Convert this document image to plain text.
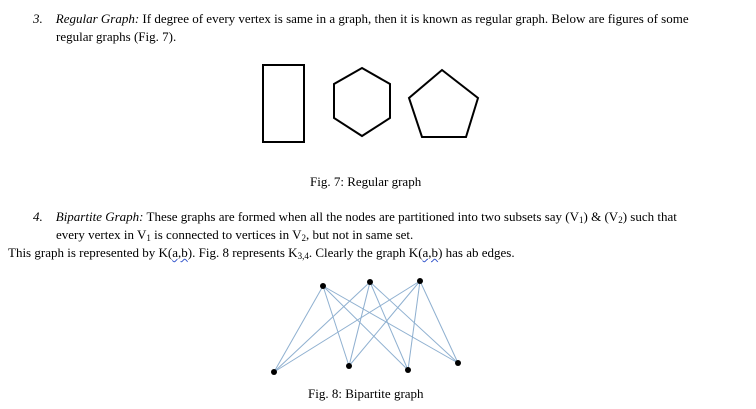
3. Regular Graph: If degree of every vertex is same in a graph, then it is known as regular graph. Below are figures of some
regular graphs (Fig. 7).
Fig. 7: Regular graph
4. Bipartite Graph: These graphs are formed when all the nodes are partitioned into two subsets say $(V_1)$ & $(V_2)$ such that
every vertex in $V_1$ is connected to vertices in $V_2$, but not in same set.
This graph is represented by K(a,b). Fig. 8 represents $K_{3,4}$. Clearly the graph K(a,b) has ab edges.
Fig. 8: Bipartite graph
